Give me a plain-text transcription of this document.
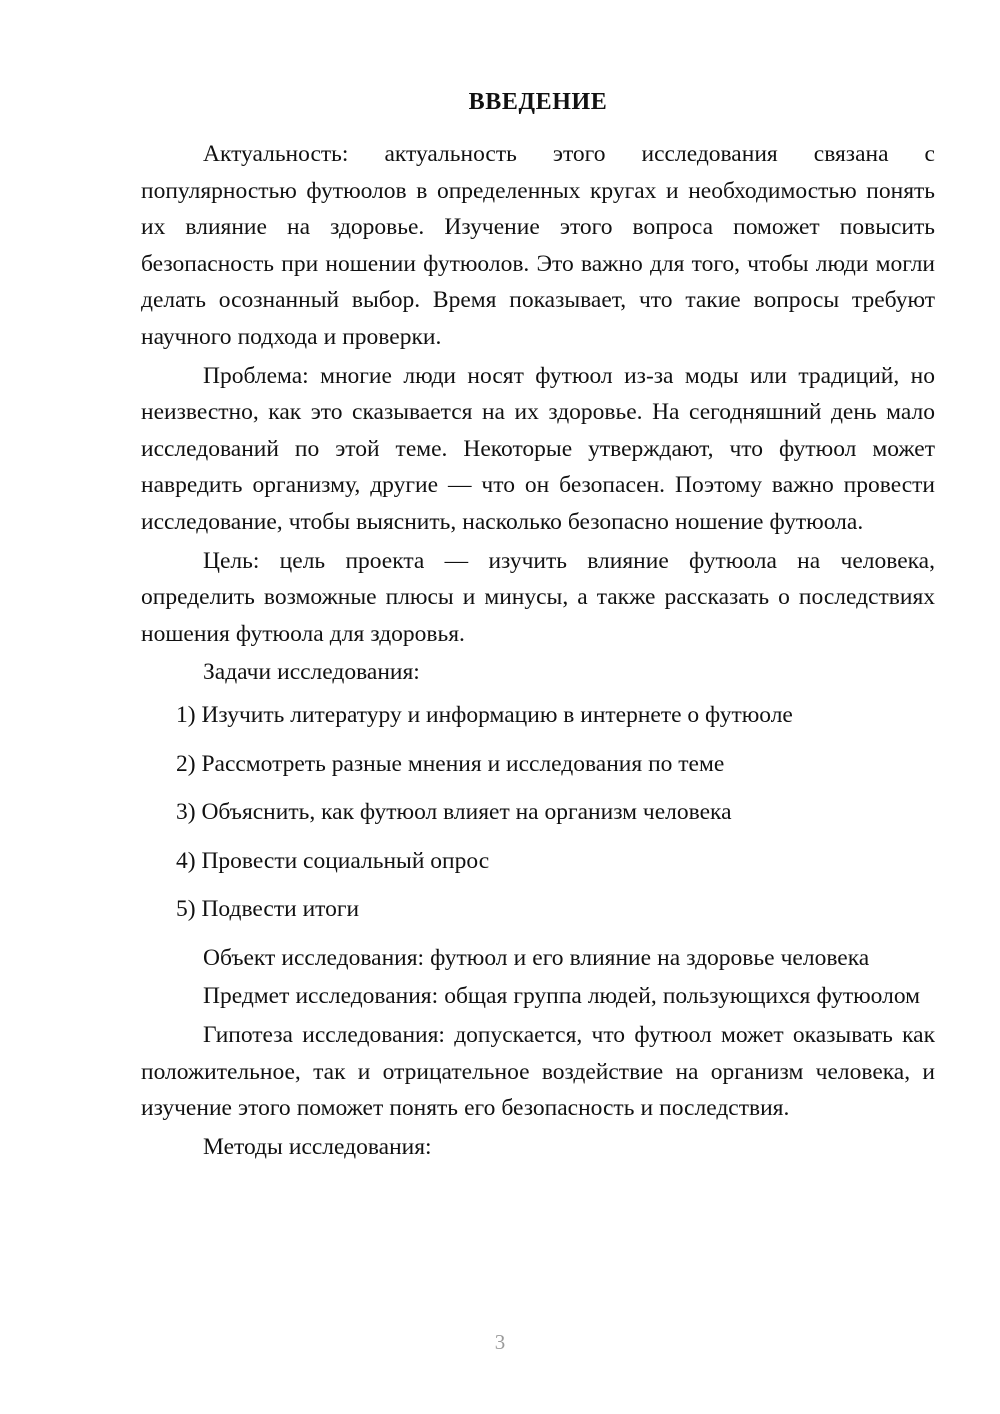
ВВЕДЕНИЕ

Актуальность: актуальность этого исследования связана с популярностью футюолов в определенных кругах и необходимостью понять их влияние на здоровье. Изучение этого вопроса поможет повысить безопасность при ношении футюолов. Это важно для того, чтобы люди могли делать осознанный выбор. Время показывает, что такие вопросы требуют научного подхода и проверки.

Проблема: многие люди носят футюол из-за моды или традиций, но неизвестно, как это сказывается на их здоровье. На сегодняшний день мало исследований по этой теме. Некоторые утверждают, что футюол может навредить организму, другие — что он безопасен. Поэтому важно провести исследование, чтобы выяснить, насколько безопасно ношение футюола.

Цель: цель проекта — изучить влияние футюола на человека, определить возможные плюсы и минусы, а также рассказать о последствиях ношения футюола для здоровья.

Задачи исследования:

1) Изучить литературу и информацию в интернете о футюоле
2) Рассмотреть разные мнения и исследования по теме
3) Объяснить, как футюол влияет на организм человека
4) Провести социальный опрос
5) Подвести итоги

Объект исследования: футюол и его влияние на здоровье человека

Предмет исследования: общая группа людей, пользующихся футюолом

Гипотеза исследования: допускается, что футюол может оказывать как положительное, так и отрицательное воздействие на организм человека, и изучение этого поможет понять его безопасность и последствия.

Методы исследования:

3
